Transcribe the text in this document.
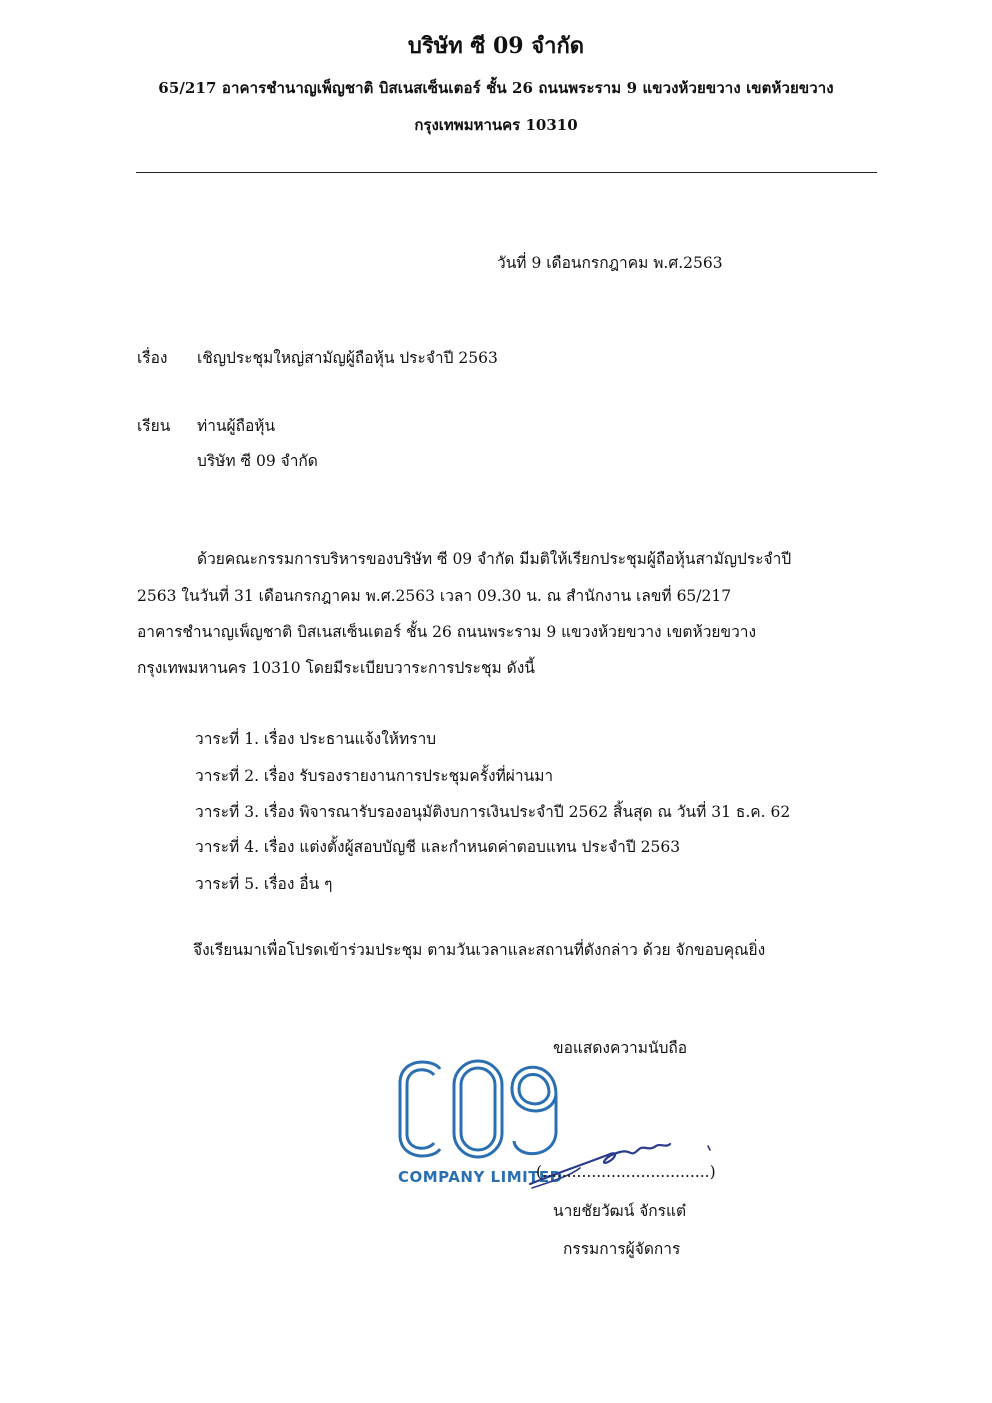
บริษัท ซี 09 จำกัด
65/217 อาคารชำนาญเพ็ญชาติ บิสเนสเซ็นเตอร์ ชั้น 26 ถนนพระราม 9 แขวงห้วยขวาง เขตห้วยขวาง
กรุงเทพมหานคร 10310
วันที่ 9 เดือนกรกฎาคม พ.ศ.2563
เรื่อง เชิญประชุมใหญ่สามัญผู้ถือหุ้น ประจำปี 2563
เรียน ท่านผู้ถือหุ้น
บริษัท ซี 09 จำกัด
ด้วยคณะกรรมการบริหารของบริษัท ซี 09 จำกัด มีมติให้เรียกประชุมผู้ถือหุ้นสามัญประจำปี
2563 ในวันที่ 31 เดือนกรกฎาคม พ.ศ.2563 เวลา 09.30 น. ณ สำนักงาน เลขที่ 65/217
อาคารชำนาญเพ็ญชาติ บิสเนสเซ็นเตอร์ ชั้น 26 ถนนพระราม 9 แขวงห้วยขวาง เขตห้วยขวาง
กรุงเทพมหานคร 10310 โดยมีระเบียบวาระการประชุม ดังนี้
วาระที่ 1. เรื่อง ประธานแจ้งให้ทราบ
วาระที่ 2. เรื่อง รับรองรายงานการประชุมครั้งที่ผ่านมา
วาระที่ 3. เรื่อง พิจารณารับรองอนุมัติงบการเงินประจำปี 2562 สิ้นสุด ณ วันที่ 31 ธ.ค. 62
วาระที่ 4. เรื่อง แต่งตั้งผู้สอบบัญชี และกำหนดค่าตอบแทน ประจำปี 2563
วาระที่ 5. เรื่อง อื่น ๆ
จึงเรียนมาเพื่อโปรดเข้าร่วมประชุม ตามวันเวลาและสถานที่ดังกล่าว ด้วย จักขอบคุณยิ่ง
ขอแสดงความนับถือ
COMPANY LIMITED
(..................................)
นายชัยวัฒน์ จักรแต๋
กรรมการผู้จัดการ
